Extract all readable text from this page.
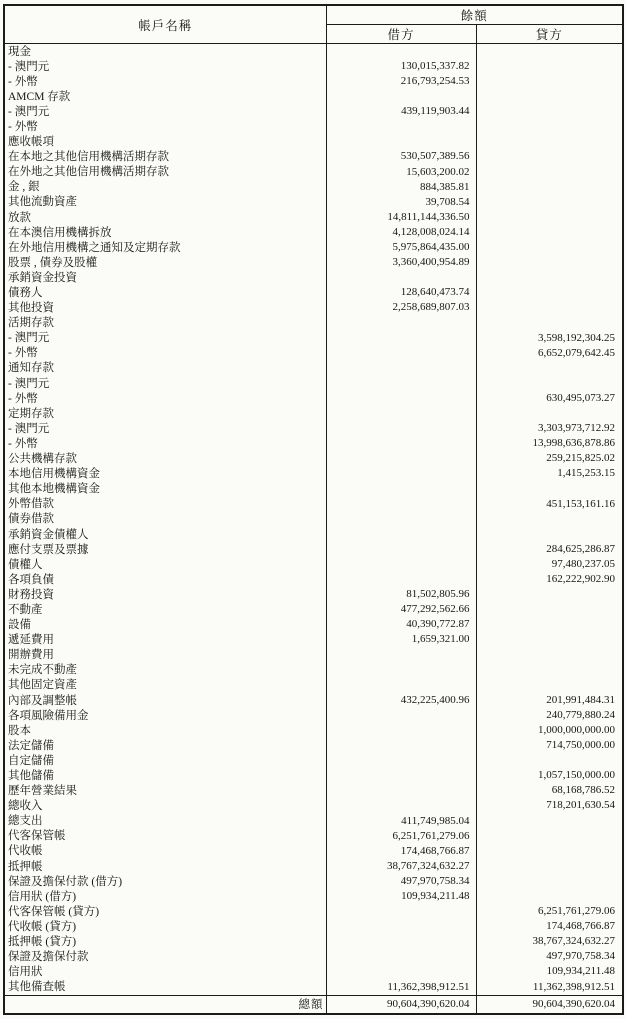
帳戶名稱	餘額	
	借方	貸方
現金		
- 澳門元	130,015,337.82	
- 外幣	216,793,254.53	
AMCM 存款		
- 澳門元	439,119,903.44	
- 外幣		
應收帳項		
在本地之其他信用機構活期存款	530,507,389.56	
在外地之其他信用機構活期存款	15,603,200.02	
金 , 銀	884,385.81	
其他流動資產	39,708.54	
放款	14,811,144,336.50	
在本澳信用機構拆放	4,128,008,024.14	
在外地信用機構之通知及定期存款	5,975,864,435.00	
股票 , 債券及股權	3,360,400,954.89	
承銷資金投資		
債務人	128,640,473.74	
其他投資	2,258,689,807.03	
活期存款		
- 澳門元		3,598,192,304.25
- 外幣		6,652,079,642.45
通知存款		
- 澳門元		
- 外幣		630,495,073.27
定期存款		
- 澳門元		3,303,973,712.92
- 外幣		13,998,636,878.86
公共機構存款		259,215,825.02
本地信用機構資金		1,415,253.15
其他本地機構資金		
外幣借款		451,153,161.16
債券借款		
承銷資金債權人		
應付支票及票據		284,625,286.87
債權人		97,480,237.05
各項負債		162,222,902.90
財務投資	81,502,805.96	
不動產	477,292,562.66	
設備	40,390,772.87	
遞延費用	1,659,321.00	
開辦費用		
未完成不動產		
其他固定資產		
內部及調整帳	432,225,400.96	201,991,484.31
各項風險備用金		240,779,880.24
股本		1,000,000,000.00
法定儲備		714,750,000.00
自定儲備		
其他儲備		1,057,150,000.00
歷年營業結果		68,168,786.52
總收入		718,201,630.54
總支出	411,749,985.04	
代客保管帳	6,251,761,279.06	
代收帳	174,468,766.87	
抵押帳	38,767,324,632.27	
保證及擔保付款 (借方)	497,970,758.34	
信用狀 (借方)	109,934,211.48	
代客保管帳 (貸方)		6,251,761,279.06
代收帳 (貸方)		174,468,766.87
抵押帳 (貸方)		38,767,324,632.27
保證及擔保付款		497,970,758.34
信用狀		109,934,211.48
其他備查帳	11,362,398,912.51	11,362,398,912.51
總額	90,604,390,620.04	90,604,390,620.04
